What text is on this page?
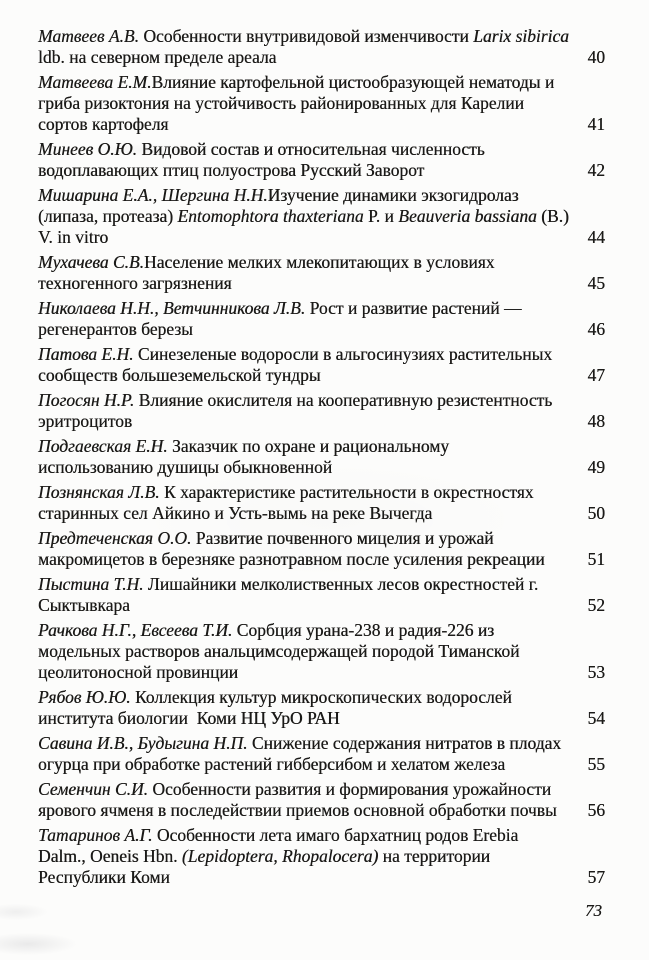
Матвеев А.В. Особенности внутривидовой изменчивости Larix sibirica
ldb. на северном пределе ареала	40
Матвеева Е.М.Влияние картофельной цистообразующей нематоды и
гриба ризоктония на устойчивость районированных для Карелии
сортов картофеля	41
Минеев О.Ю. Видовой состав и относительная численность
водоплавающих птиц полуострова Русский Заворот	42
Мишарина Е.А., Шергина Н.Н.Изучение динамики экзогидролаз
(липаза, протеаза) Entomophtora thaxteriana P. и Beauveria bassiana (B.)
V. in vitro	44
Мухачева С.В.Население мелких млекопитающих в условиях
техногенного загрязнения	45
Николаева Н.Н., Ветчинникова Л.В. Рост и развитие растений —
регенерантов березы	46
Патова Е.Н. Синезеленые водоросли в альгосинузиях растительных
сообществ большеземельской тундры	47
Погосян Н.Р. Влияние окислителя на кооперативную резистентность
эритроцитов	48
Подгаевская Е.Н. Заказчик по охране и рациональному
использованию душицы обыкновенной	49
Познянская Л.В. К характеристике растительности в окрестностях
старинных сел Айкино и Усть-вымь на реке Вычегда	50
Предтеченская О.О. Развитие почвенного мицелия и урожай
макромицетов в березняке разнотравном после усиления рекреации	51
Пыстина Т.Н. Лишайники мелколиственных лесов окрестностей г.
Сыктывкара	52
Рачкова Н.Г., Евсеева Т.И. Сорбция урана-238 и радия-226 из
модельных растворов анальцимсодержащей породой Тиманской
цеолитоносной провинции	53
Рябов Ю.Ю. Коллекция культур микроскопических водорослей
института биологии  Коми НЦ УрО РАН	54
Савина И.В., Будыгина Н.П. Снижение содержания нитратов в плодах
огурца при обработке растений гибберсибом и хелатом железа	55
Семенчин С.И. Особенности развития и формирования урожайности
ярового ячменя в последействии приемов основной обработки почвы	56
Татаринов А.Г. Особенности лета имаго бархатниц родов Erebia
Dalm., Oeneis Hbn. (Lepidoptera, Rhopalocera) на территории
Республики Коми	57
73
